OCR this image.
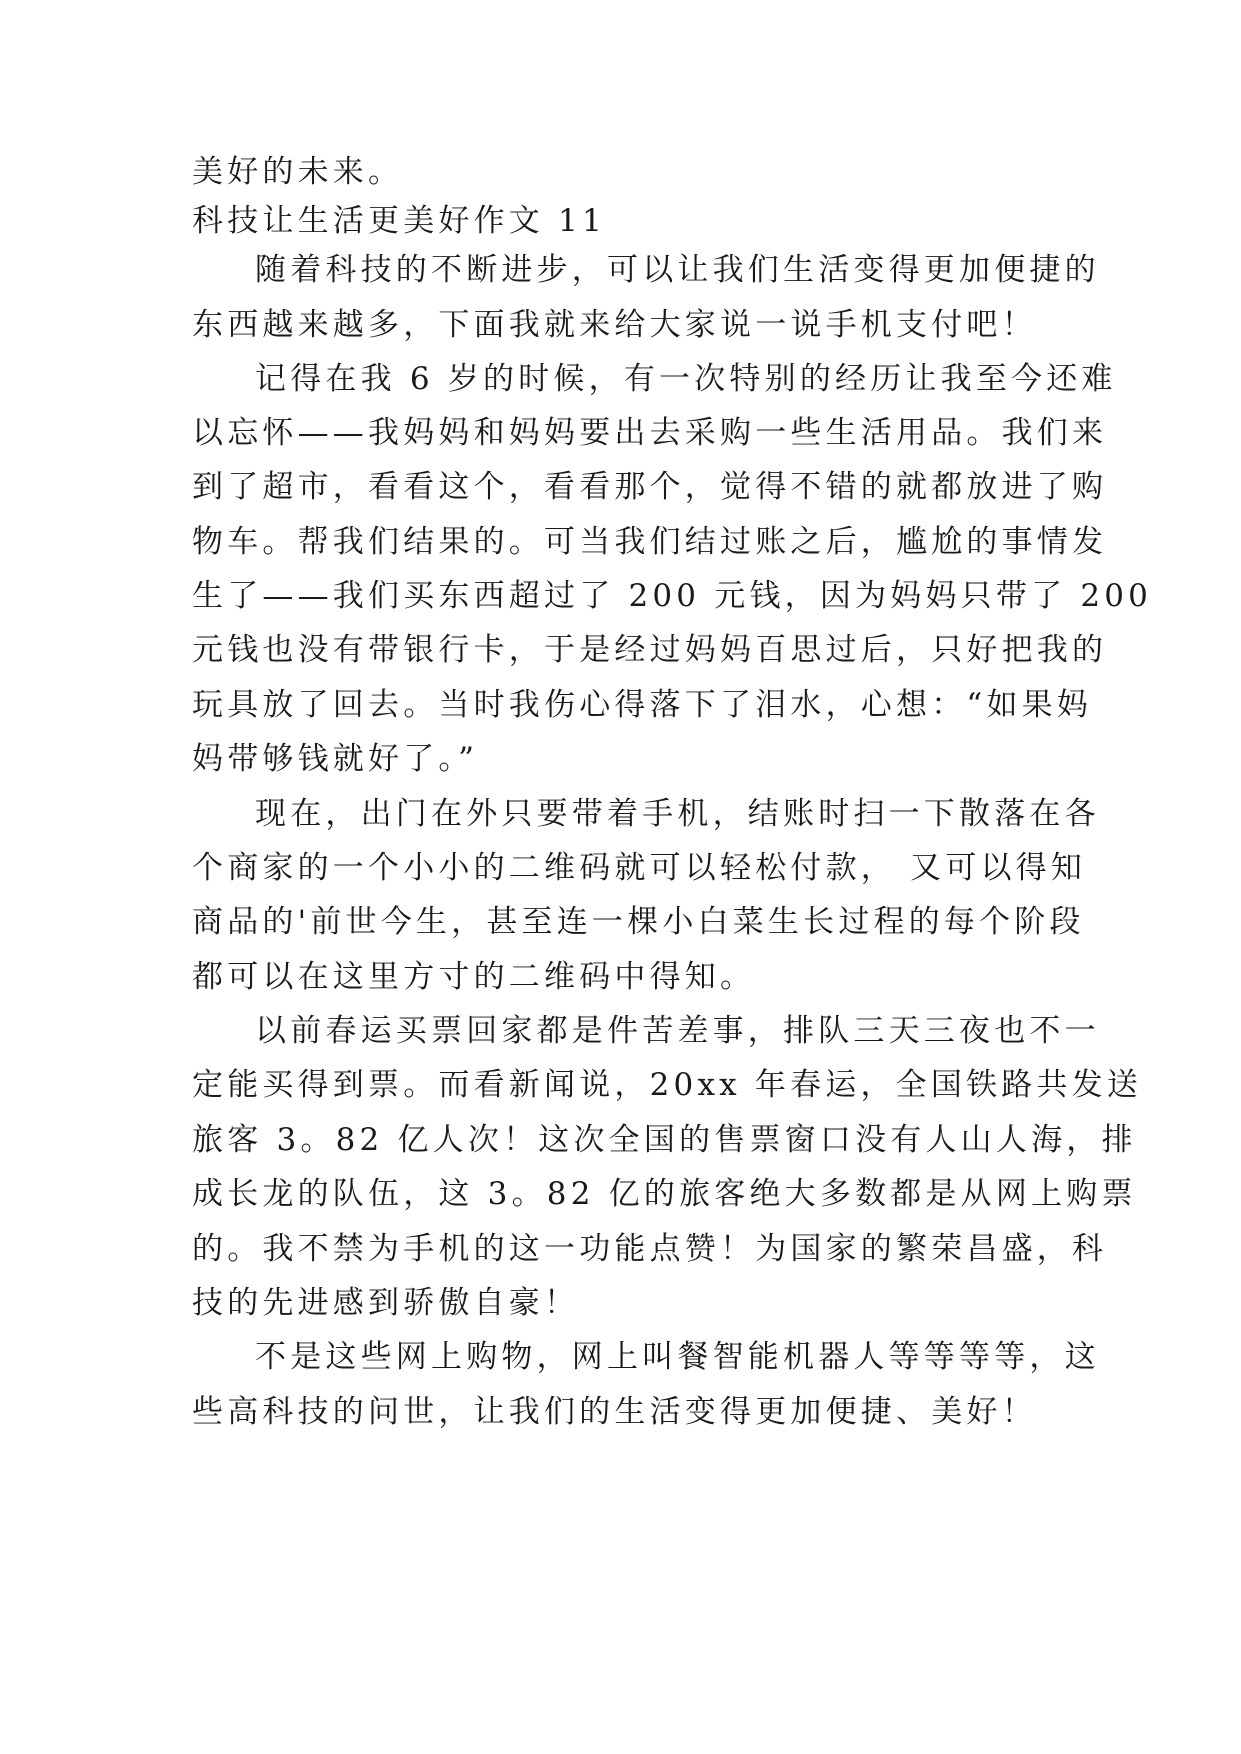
美好的未来。
科技让生活更美好作文 11
随着科技的不断进步，可以让我们生活变得更加便捷的
东西越来越多，下面我就来给大家说一说手机支付吧！
记得在我 6 岁的时候，有一次特别的经历让我至今还难
以忘怀——我妈妈和妈妈要出去采购一些生活用品。我们来
到了超市，看看这个，看看那个，觉得不错的就都放进了购
物车。帮我们结果的。可当我们结过账之后，尴尬的事情发
生了——我们买东西超过了 200 元钱，因为妈妈只带了 200
元钱也没有带银行卡，于是经过妈妈百思过后，只好把我的
玩具放了回去。当时我伤心得落下了泪水，心想：“如果妈
妈带够钱就好了。”
现在，出门在外只要带着手机，结账时扫一下散落在各
个商家的一个小小的二维码就可以轻松付款， 又可以得知
商品的'前世今生，甚至连一棵小白菜生长过程的每个阶段
都可以在这里方寸的二维码中得知。
以前春运买票回家都是件苦差事，排队三天三夜也不一
定能买得到票。而看新闻说，20xx 年春运，全国铁路共发送
旅客 3。82 亿人次！这次全国的售票窗口没有人山人海，排
成长龙的队伍，这 3。82 亿的旅客绝大多数都是从网上购票
的。我不禁为手机的这一功能点赞！为国家的繁荣昌盛，科
技的先进感到骄傲自豪！
不是这些网上购物，网上叫餐智能机器人等等等等，这
些高科技的问世，让我们的生活变得更加便捷、美好！
